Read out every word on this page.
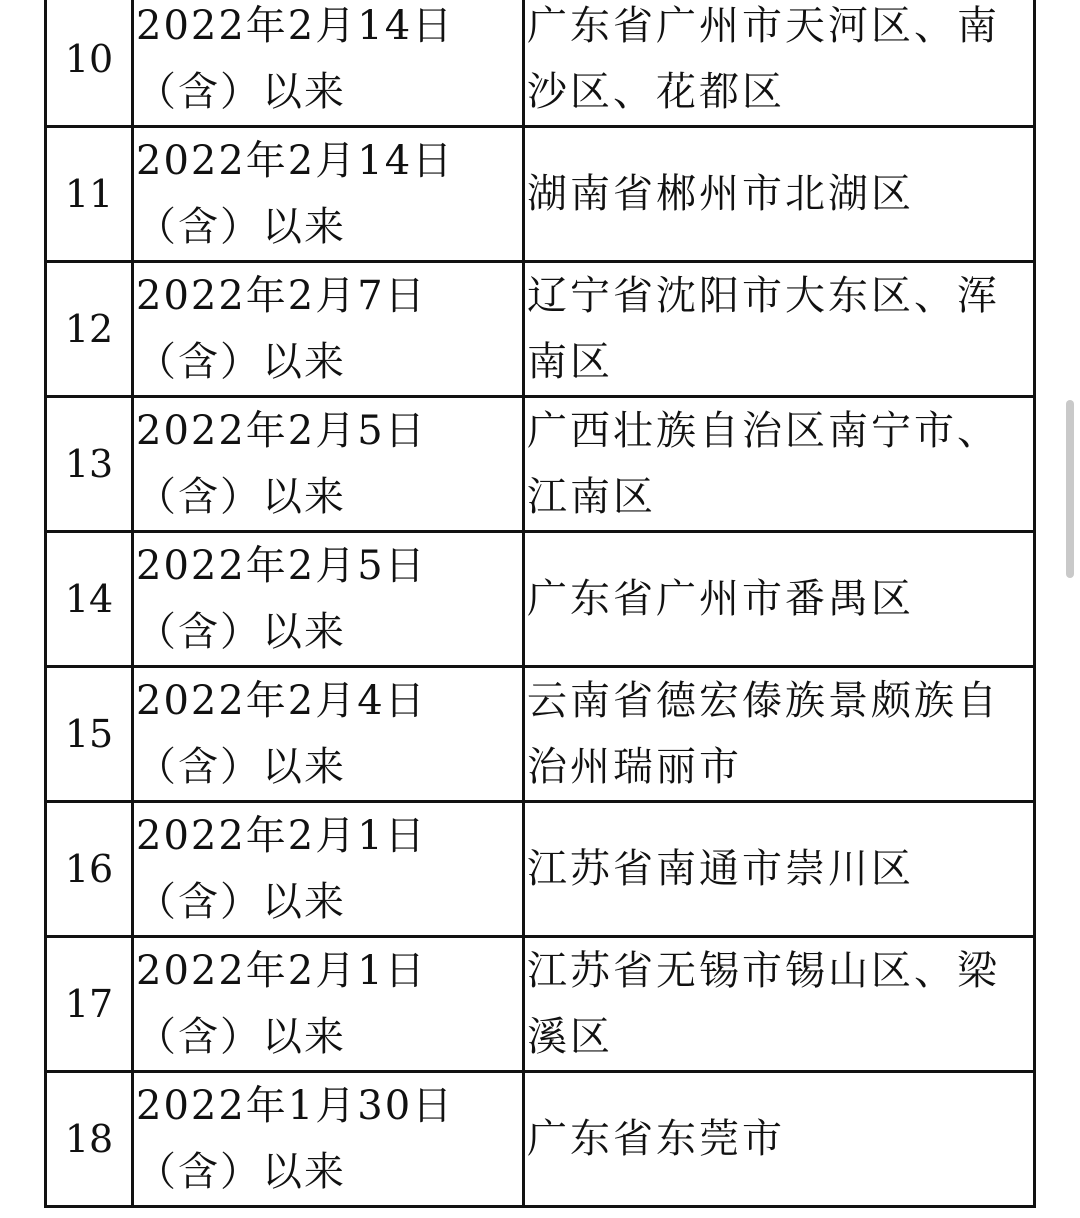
10	2022年2月14日（含）以来	广东省广州市天河区、南沙区、花都区

11	2022年2月14日（含）以来	湖南省郴州市北湖区

12	2022年2月7日（含）以来	辽宁省沈阳市大东区、浑南区

13	2022年2月5日（含）以来	广西壮族自治区南宁市、江南区

14	2022年2月5日（含）以来	广东省广州市番禺区

15	2022年2月4日（含）以来	云南省德宏傣族景颇族自治州瑞丽市

16	2022年2月1日（含）以来	江苏省南通市崇川区

17	2022年2月1日（含）以来	江苏省无锡市锡山区、梁溪区

18	2022年1月30日（含）以来	广东省东莞市
